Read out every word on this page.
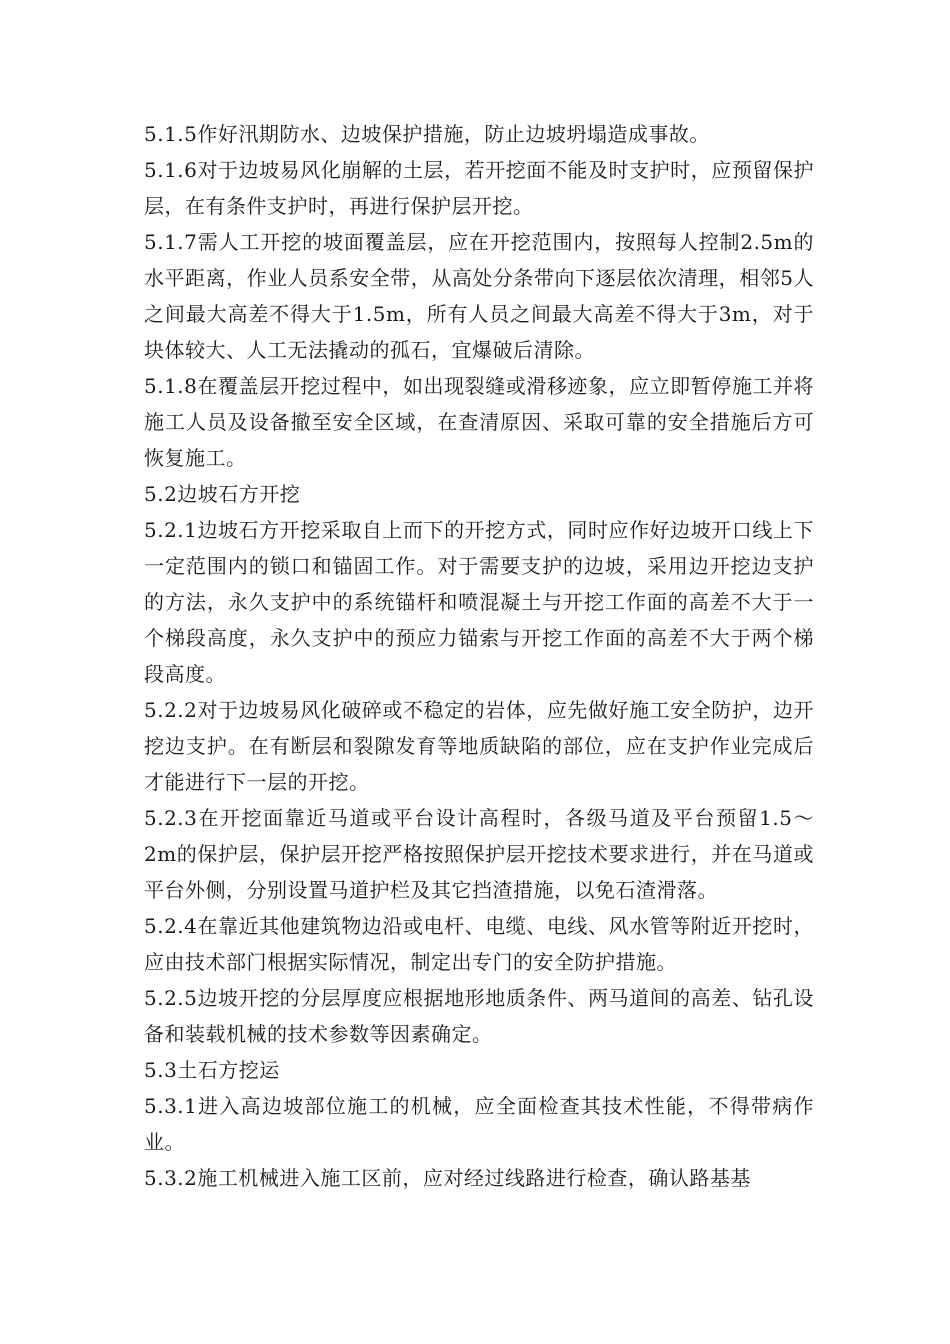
5.1.5作好汛期防水、边坡保护措施，防止边坡坍塌造成事故。

5.1.6对于边坡易风化崩解的土层，若开挖面不能及时支护时，应预留保护层，在有条件支护时，再进行保护层开挖。

5.1.7需人工开挖的坡面覆盖层，应在开挖范围内，按照每人控制2.5m的水平距离，作业人员系安全带，从高处分条带向下逐层依次清理，相邻5人之间最大高差不得大于1.5m，所有人员之间最大高差不得大于3m，对于块体较大、人工无法撬动的孤石，宜爆破后清除。

5.1.8在覆盖层开挖过程中，如出现裂缝或滑移迹象，应立即暂停施工并将施工人员及设备撤至安全区域，在查清原因、采取可靠的安全措施后方可恢复施工。

5.2边坡石方开挖

5.2.1边坡石方开挖采取自上而下的开挖方式，同时应作好边坡开口线上下一定范围内的锁口和锚固工作。对于需要支护的边坡，采用边开挖边支护的方法，永久支护中的系统锚杆和喷混凝土与开挖工作面的高差不大于一个梯段高度，永久支护中的预应力锚索与开挖工作面的高差不大于两个梯段高度。

5.2.2对于边坡易风化破碎或不稳定的岩体，应先做好施工安全防护，边开挖边支护。在有断层和裂隙发育等地质缺陷的部位，应在支护作业完成后才能进行下一层的开挖。

5.2.3在开挖面靠近马道或平台设计高程时，各级马道及平台预留1.5～2m的保护层，保护层开挖严格按照保护层开挖技术要求进行，并在马道或平台外侧，分别设置马道护栏及其它挡渣措施，以免石渣滑落。

5.2.4在靠近其他建筑物边沿或电杆、电缆、电线、风水管等附近开挖时，应由技术部门根据实际情况，制定出专门的安全防护措施。

5.2.5边坡开挖的分层厚度应根据地形地质条件、两马道间的高差、钻孔设备和装载机械的技术参数等因素确定。

5.3土石方挖运

5.3.1进入高边坡部位施工的机械，应全面检查其技术性能，不得带病作业。

5.3.2施工机械进入施工区前，应对经过线路进行检查，确认路基基
